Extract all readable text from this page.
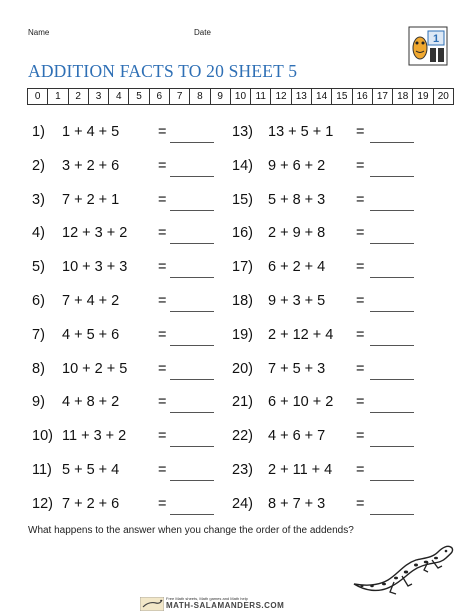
Name	Date
1
ADDITION FACTS TO 20 SHEET 5
0	1	2	3	4	5	6	7	8	9	10 11 12 13 14 15 16 17 18 19 20
1) 1 + 4 + 5	=
2) 3 + 2 + 6	=
3) 7 + 2 + 1	=
4) 12 + 3 + 2 =
5) 10 + 3 + 3 =
6) 7 + 4 + 2	=
7) 4 + 5 + 6	=
8) 10 + 2 + 5 =
9) 4 + 8 + 2	=
10) 11 + 3 + 2 =
11) 5 + 5 + 4	=
12) 7 + 2 + 6	=
13) 13 + 5 + 1 =
14) 9 + 6 + 2 =
15) 5 + 8 + 3 =
16) 2 + 9 + 8 =
17) 6 + 2 + 4 =
18) 9 + 3 + 5 =
19) 2 + 12 + 4 =
20) 7 + 5 + 3 =
21) 6 + 10 + 2 =
22) 4 + 6 + 7 =
23) 2 + 11 + 4 =
24) 8 + 7 + 3 =
What happens to the answer when you change the order of the addends?
Free Math sheets, Math games and Math help
MATH-SALAMANDERS.COM
